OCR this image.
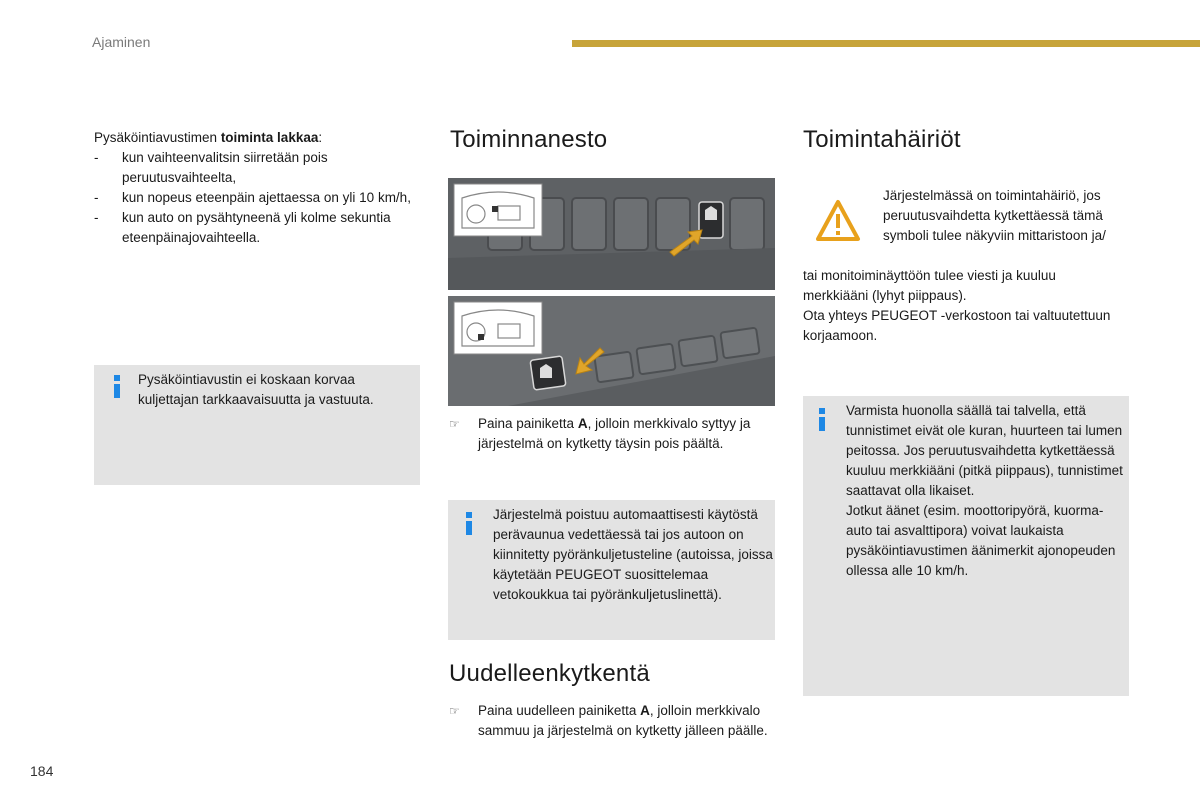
Ajaminen
Pysäköintiavustimen toiminta lakkaa:
- kun vaihteenvalitsin siirretään pois peruutusvaihteelta,
- kun nopeus eteenpäin ajettaessa on yli 10 km/h,
- kun auto on pysähtyneenä yli kolme sekuntia eteenpäinajovaihteella.
Pysäköintiavustin ei koskaan korvaa kuljettajan tarkkaavaisuutta ja vastuuta.
Toiminnanesto
☞ Paina painiketta A, jolloin merkkivalo syttyy ja järjestelmä on kytketty täysin pois päältä.
Järjestelmä poistuu automaattisesti käytöstä perävaunua vedettäessä tai jos autoon on kiinnitetty pyöränkuljetusteline (autoissa, joissa käytetään PEUGEOT suosittelemaa vetokoukkua tai pyöränkuljetuslinettä).
Uudelleenkytkentä
☞ Paina uudelleen painiketta A, jolloin merkkivalo sammuu ja järjestelmä on kytketty jälleen päälle.
Toimintahäiriöt
Järjestelmässä on toimintahäiriö, jos peruutusvaihdetta kytkettäessä tämä symboli tulee näkyviin mittaristoon ja/
tai monitoiminäyttöön tulee viesti ja kuuluu merkkiääni (lyhyt piippaus).
Ota yhteys PEUGEOT -verkostoon tai valtuutettuun korjaamoon.
Varmista huonolla säällä tai talvella, että tunnistimet eivät ole kuran, huurteen tai lumen peitossa. Jos peruutusvaihdetta kytkettäessä kuuluu merkkiääni (pitkä piippaus), tunnistimet saattavat olla likaiset.
Jotkut äänet (esim. moottoripyörä, kuorma-auto tai asvalttipora) voivat laukaista pysäköintiavustimen äänimerkit ajonopeuden ollessa alle 10 km/h.
184
